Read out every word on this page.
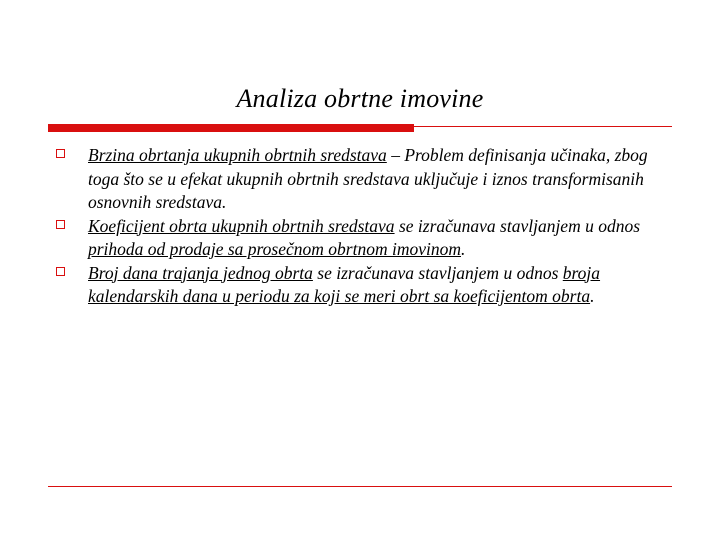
Analiza obrtne imovine
Brzina obrtanja ukupnih obrtnih sredstava – Problem definisanja učinaka, zbog toga što se u efekat ukupnih obrtnih sredstava uključuje i iznos transformisanih osnovnih sredstava.
Koeficijent obrta ukupnih obrtnih sredstava se izračunava stavljanjem u odnos prihoda od prodaje sa prosečnom obrtnom imovinom.
Broj dana trajanja jednog obrta se izračunava stavljanjem u odnos broja kalendarskih dana u periodu za koji se meri obrt sa koeficijentom obrta.
